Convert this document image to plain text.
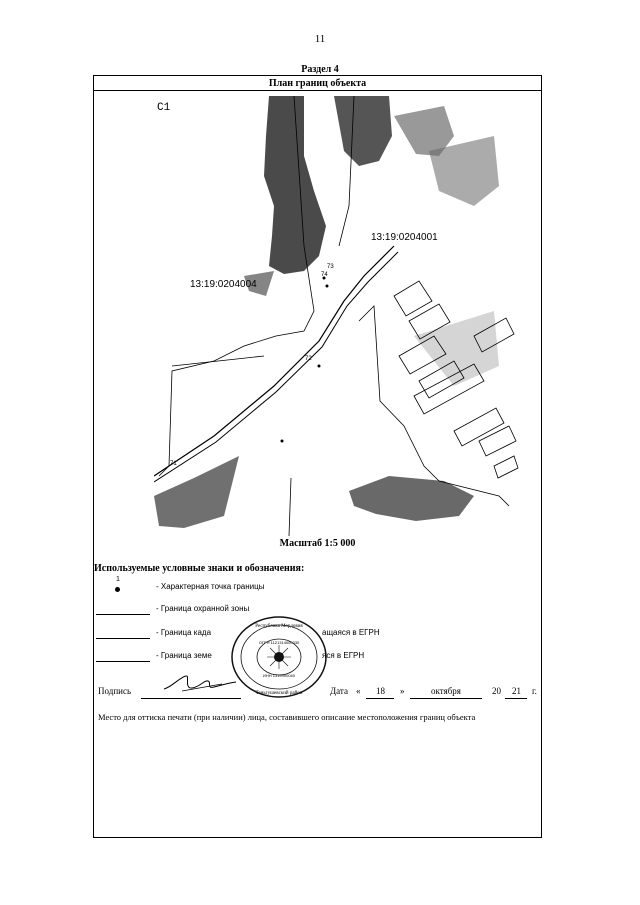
11
Раздел 4
План границ объекта
С1
13:19:0204004
13:19:0204001
72
73
74
71
Масштаб 1:5 000
Используемые условные знаки и обозначения:
1
- Характерная точка границы
- Граница охранной зоны
- Граница када	ащаяся в ЕГРН
- Граница земе	яся в ЕГРН
Республика Мордовия
Теньгушевский район
ОГРН 1121314000330
ИНН 1319900040
Подпись	Дата « 18 »	октября	20 21 г.
Место для оттиска печати (при наличии) лица, составившего описание местоположения границ объекта
